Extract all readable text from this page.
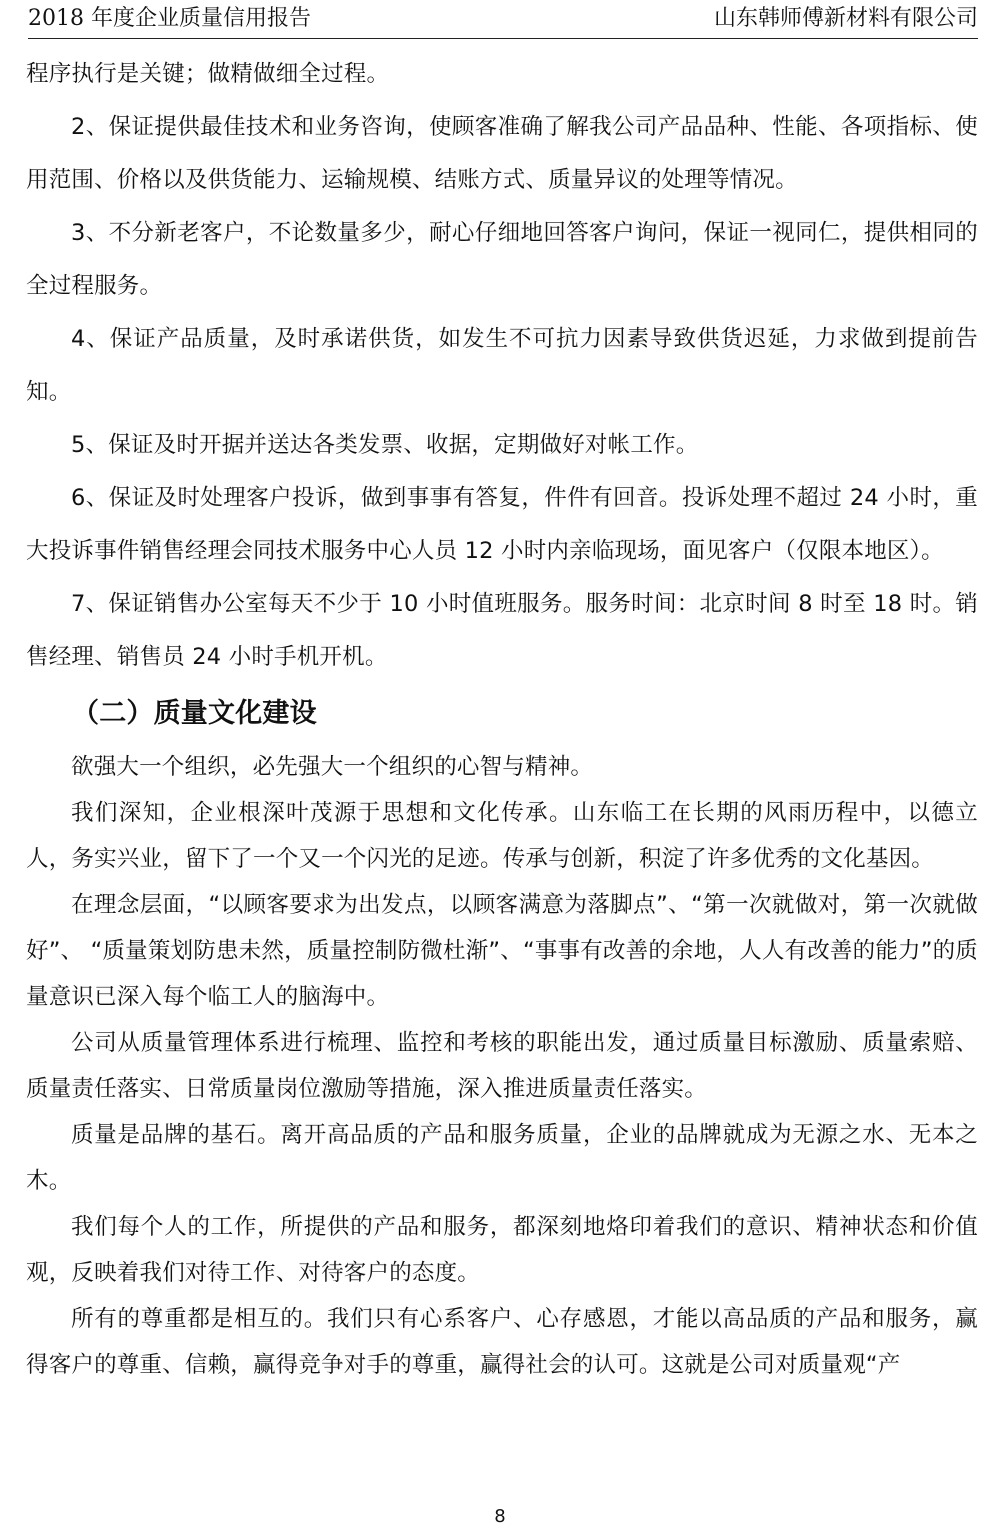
2018 年度企业质量信用报告	山东韩师傅新材料有限公司

程序执行是关键；做精做细全过程。

2、保证提供最佳技术和业务咨询，使顾客准确了解我公司产品品种、性能、各项指标、使用范围、价格以及供货能力、运输规模、结账方式、质量异议的处理等情况。

3、不分新老客户，不论数量多少，耐心仔细地回答客户询问，保证一视同仁，提供相同的全过程服务。

4、保证产品质量，及时承诺供货，如发生不可抗力因素导致供货迟延，力求做到提前告知。

5、保证及时开据并送达各类发票、收据，定期做好对帐工作。

6、保证及时处理客户投诉，做到事事有答复，件件有回音。投诉处理不超过 24 小时，重大投诉事件销售经理会同技术服务中心人员 12 小时内亲临现场，面见客户（仅限本地区）。

7、保证销售办公室每天不少于 10 小时值班服务。服务时间：北京时间 8 时至 18 时。销售经理、销售员 24 小时手机开机。

（二）质量文化建设

欲强大一个组织，必先强大一个组织的心智与精神。

我们深知，企业根深叶茂源于思想和文化传承。山东临工在长期的风雨历程中，以德立人，务实兴业，留下了一个又一个闪光的足迹。传承与创新，积淀了许多优秀的文化基因。

在理念层面，“以顾客要求为出发点，以顾客满意为落脚点”、“第一次就做对，第一次就做好”、 “质量策划防患未然，质量控制防微杜渐”、“事事有改善的余地，人人有改善的能力”的质量意识已深入每个临工人的脑海中。

公司从质量管理体系进行梳理、监控和考核的职能出发，通过质量目标激励、质量索赔、质量责任落实、日常质量岗位激励等措施，深入推进质量责任落实。

质量是品牌的基石。离开高品质的产品和服务质量，企业的品牌就成为无源之水、无本之木。

我们每个人的工作，所提供的产品和服务，都深刻地烙印着我们的意识、精神状态和价值观，反映着我们对待工作、对待客户的态度。

所有的尊重都是相互的。我们只有心系客户、心存感恩，才能以高品质的产品和服务，赢得客户的尊重、信赖，赢得竞争对手的尊重，赢得社会的认可。这就是公司对质量观“产

8
